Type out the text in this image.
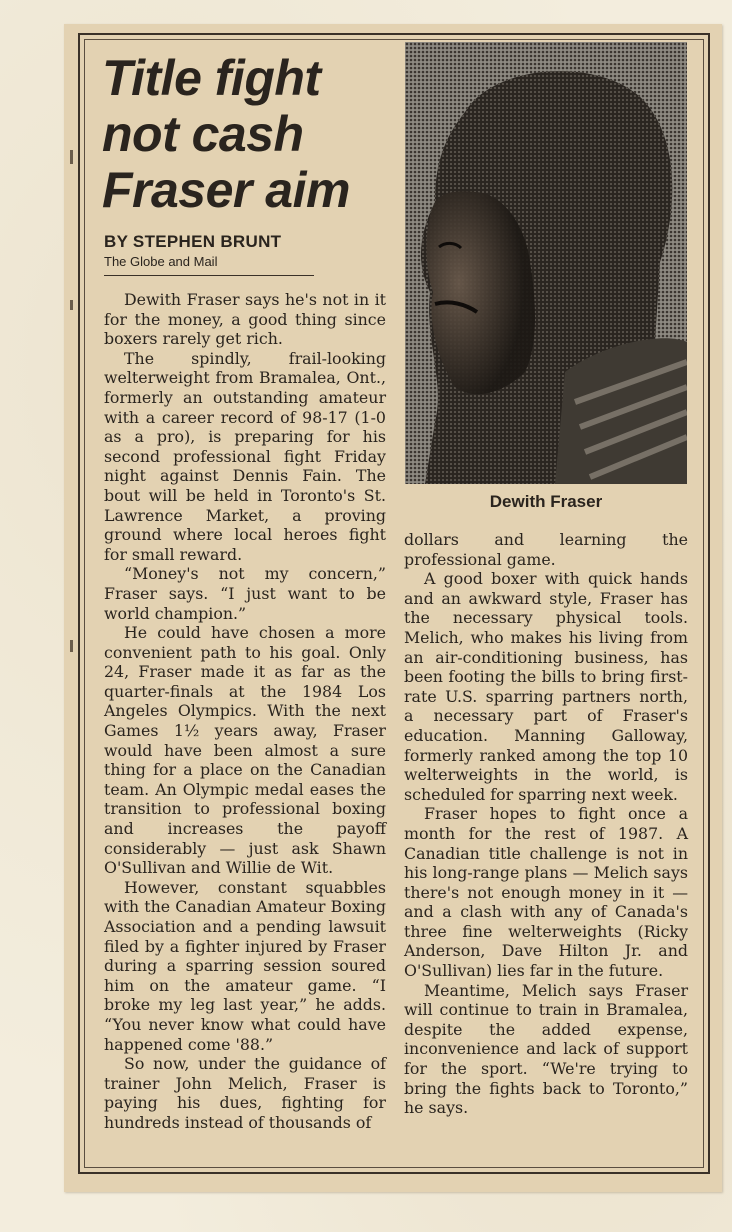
Title fight
not cash
Fraser aim
BY STEPHEN BRUNT
The Globe and Mail

Dewith Fraser says he's not in it for the money, a good thing since boxers rarely get rich.

The spindly, frail-looking welterweight from Bramalea, Ont., formerly an outstanding amateur with a career record of 98-17 (1-0 as a pro), is preparing for his second professional fight Friday night against Dennis Fain. The bout will be held in Toronto's St. Lawrence Market, a proving ground where local heroes fight for small reward.

“Money's not my concern,” Fraser says. “I just want to be world champion.”

He could have chosen a more convenient path to his goal. Only 24, Fraser made it as far as the quarter-finals at the 1984 Los Angeles Olympics. With the next Games 1½ years away, Fraser would have been almost a sure thing for a place on the Canadian team. An Olympic medal eases the transition to professional boxing and increases the payoff considerably — just ask Shawn O'Sullivan and Willie de Wit.

However, constant squabbles with the Canadian Amateur Boxing Association and a pending lawsuit filed by a fighter injured by Fraser during a sparring session soured him on the amateur game. “I broke my leg last year,” he adds. “You never know what could have happened come '88.”

So now, under the guidance of trainer John Melich, Fraser is paying his dues, fighting for hundreds instead of thousands of

Dewith Fraser

dollars and learning the professional game.

A good boxer with quick hands and an awkward style, Fraser has the necessary physical tools. Melich, who makes his living from an air-conditioning business, has been footing the bills to bring first-rate U.S. sparring partners north, a necessary part of Fraser's education. Manning Galloway, formerly ranked among the top 10 welterweights in the world, is scheduled for sparring next week.

Fraser hopes to fight once a month for the rest of 1987. A Canadian title challenge is not in his long-range plans — Melich says there's not enough money in it — and a clash with any of Canada's three fine welterweights (Ricky Anderson, Dave Hilton Jr. and O'Sullivan) lies far in the future.

Meantime, Melich says Fraser will continue to train in Bramalea, despite the added expense, inconvenience and lack of support for the sport. “We're trying to bring the fights back to Toronto,” he says.
